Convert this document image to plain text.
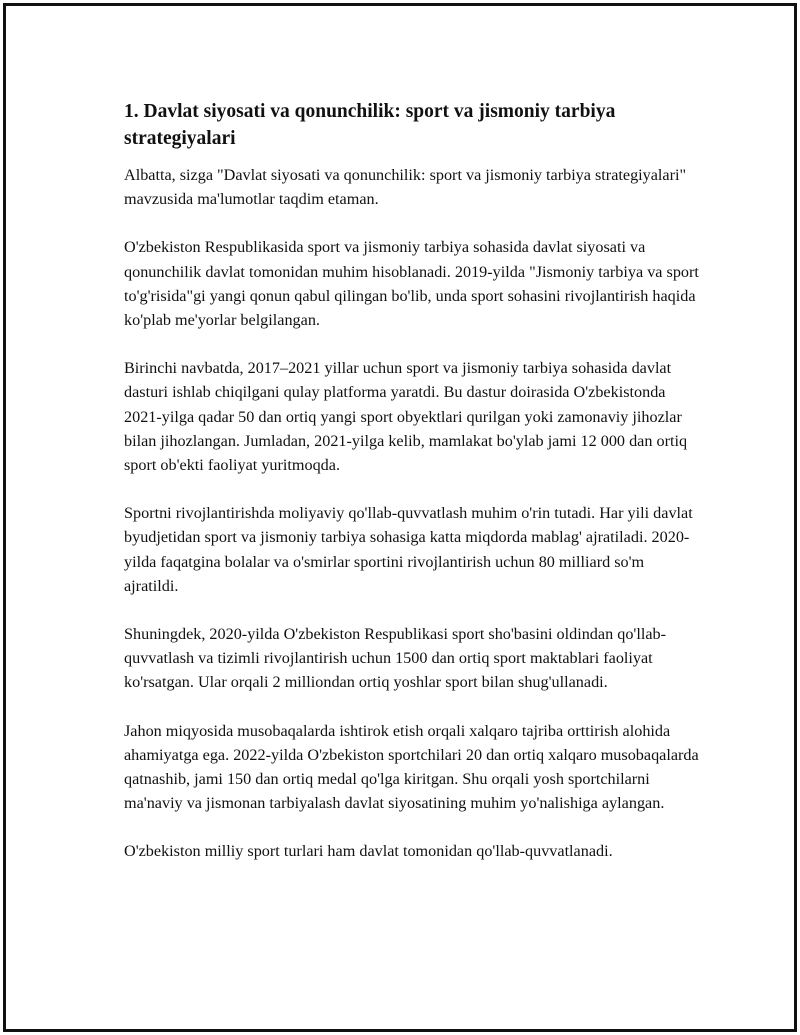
1. Davlat siyosati va qonunchilik: sport va jismoniy tarbiya strategiyalari

Albatta, sizga "Davlat siyosati va qonunchilik: sport va jismoniy tarbiya strategiyalari" mavzusida ma'lumotlar taqdim etaman.

O'zbekiston Respublikasida sport va jismoniy tarbiya sohasida davlat siyosati va qonunchilik davlat tomonidan muhim hisoblanadi. 2019-yilda "Jismoniy tarbiya va sport to'g'risida"gi yangi qonun qabul qilingan bo'lib, unda sport sohasini rivojlantirish haqida ko'plab me'yorlar belgilangan.

Birinchi navbatda, 2017–2021 yillar uchun sport va jismoniy tarbiya sohasida davlat dasturi ishlab chiqilgani qulay platforma yaratdi. Bu dastur doirasida O'zbekistonda 2021-yilga qadar 50 dan ortiq yangi sport obyektlari qurilgan yoki zamonaviy jihozlar bilan jihozlangan. Jumladan, 2021-yilga kelib, mamlakat bo'ylab jami 12 000 dan ortiq sport ob'ekti faoliyat yuritmoqda.

Sportni rivojlantirishda moliyaviy qo'llab-quvvatlash muhim o'rin tutadi. Har yili davlat byudjetidan sport va jismoniy tarbiya sohasiga katta miqdorda mablag' ajratiladi. 2020-yilda faqatgina bolalar va o'smirlar sportini rivojlantirish uchun 80 milliard so'm ajratildi.

Shuningdek, 2020-yilda O'zbekiston Respublikasi sport sho'basini oldindan qo'llab-quvvatlash va tizimli rivojlantirish uchun 1500 dan ortiq sport maktablari faoliyat ko'rsatgan. Ular orqali 2 milliondan ortiq yoshlar sport bilan shug'ullanadi.

Jahon miqyosida musobaqalarda ishtirok etish orqali xalqaro tajriba orttirish alohida ahamiyatga ega. 2022-yilda O'zbekiston sportchilari 20 dan ortiq xalqaro musobaqalarda qatnashib, jami 150 dan ortiq medal qo'lga kiritgan. Shu orqali yosh sportchilarni ma'naviy va jismonan tarbiyalash davlat siyosatining muhim yo'nalishiga aylangan.

O'zbekiston milliy sport turlari ham davlat tomonidan qo'llab-quvvatlanadi.
